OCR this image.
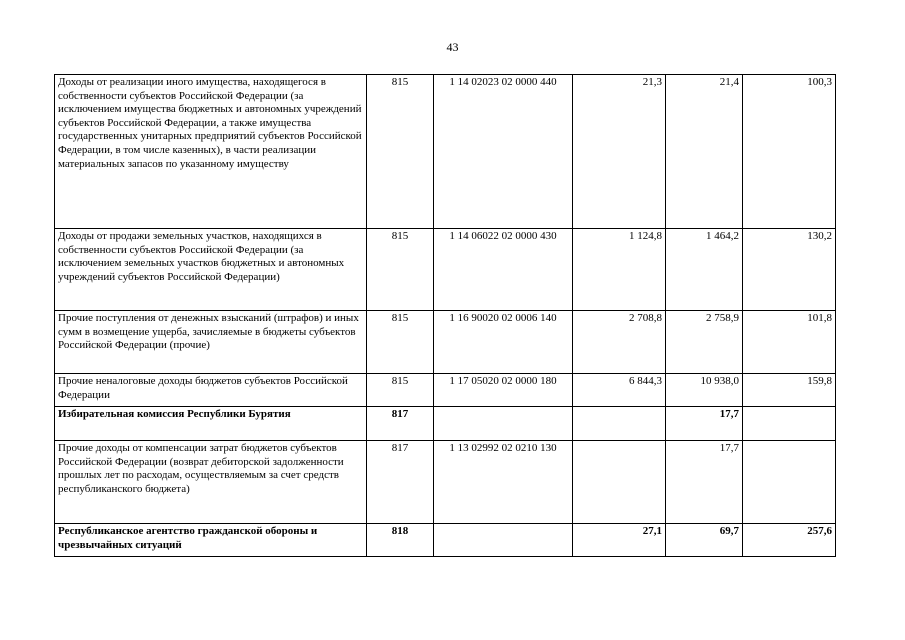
43
Доходы от реализации иного имущества, находящегося в собственности субъектов Российской Федерации (за исключением имущества бюджетных и автономных учреждений субъектов Российской Федерации, а также имущества государственных унитарных предприятий субъектов Российской Федерации, в том числе казенных), в части реализации материальных запасов по указанному имуществу	815	1 14 02023 02 0000 440	21,3	21,4	100,3
Доходы от продажи земельных участков, находящихся в собственности субъектов Российской Федерации (за исключением земельных участков бюджетных и автономных учреждений субъектов Российской Федерации)	815	1 14 06022 02 0000 430	1 124,8	1 464,2	130,2
Прочие поступления от денежных взысканий (штрафов) и иных сумм в возмещение ущерба, зачисляемые в бюджеты субъектов Российской Федерации (прочие)	815	1 16 90020 02 0006 140	2 708,8	2 758,9	101,8
Прочие неналоговые доходы бюджетов субъектов Российской Федерации	815	1 17 05020 02 0000 180	6 844,3	10 938,0	159,8
Избирательная комиссия Республики Бурятия	817			17,7	
Прочие доходы от компенсации затрат бюджетов субъектов Российской Федерации (возврат дебиторской задолженности прошлых лет по расходам, осуществляемым за счет средств республиканского бюджета)	817	1 13 02992 02 0210 130		17,7	
Республиканское агентство гражданской обороны и чрезвычайных ситуаций	818		27,1	69,7	257,6
